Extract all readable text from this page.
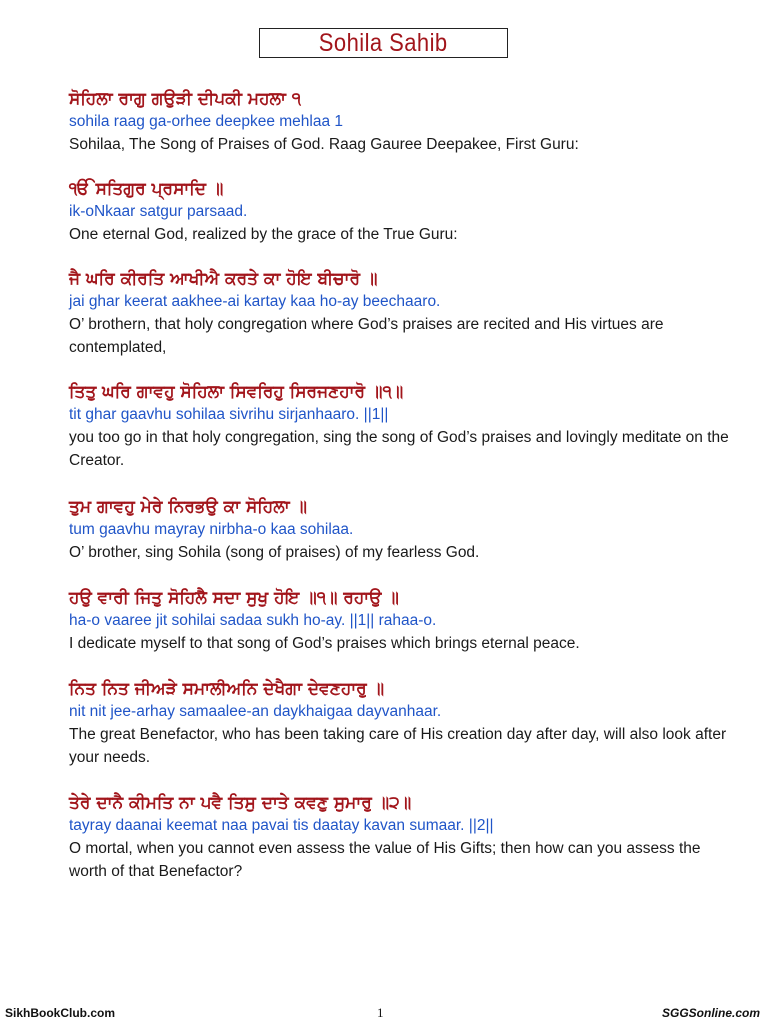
Sohila Sahib
ਸੋਹਿਲਾ ਰਾਗੁ ਗਉੜੀ ਦੀਪਕੀ ਮਹਲਾ ੧
sohila raag ga-orhee deepkee mehlaa 1
Sohilaa, The Song of Praises of God. Raag Gauree Deepakee, First Guru:
ੴ ਸਤਿਗੁਰ ਪ੍ਰਸਾਦਿ ॥
ik-oNkaar satgur parsaad.
One eternal God, realized by the grace of the True Guru:
ਜੈ ਘਰਿ ਕੀਰਤਿ ਆਖੀਐ ਕਰਤੇ ਕਾ ਹੋਇ ਬੀਚਾਰੋ ॥
jai ghar keerat aakhee-ai kartay kaa ho-ay beechaaro.
O’ brothern, that holy congregation where God’s praises are recited and His virtues are contemplated,
ਤਿਤੁ ਘਰਿ ਗਾਵਹੁ ਸੋਹਿਲਾ ਸਿਵਰਿਹੁ ਸਿਰਜਣਹਾਰੋ ॥੧॥
tit ghar gaavhu sohilaa sivrihu sirjanhaaro. ||1||
you too go in that holy congregation, sing the song of God’s praises and lovingly meditate on the Creator.
ਤੁਮ ਗਾਵਹੁ ਮੇਰੇ ਨਿਰਭਉ ਕਾ ਸੋਹਿਲਾ ॥
tum gaavhu mayray nirbha-o kaa sohilaa.
O’ brother, sing Sohila (song of praises) of my fearless God.
ਹਉ ਵਾਰੀ ਜਿਤੁ ਸੋਹਿਲੈ ਸਦਾ ਸੁਖੁ ਹੋਇ ॥੧॥ ਰਹਾਉ ॥
ha-o vaaree jit sohilai sadaa sukh ho-ay. ||1|| rahaa-o.
I dedicate myself to that song of God’s praises which brings eternal peace.
ਨਿਤ ਨਿਤ ਜੀਅੜੇ ਸਮਾਲੀਅਨਿ ਦੇਖੈਗਾ ਦੇਵਣਹਾਰੁ ॥
nit nit jee-arhay samaalee-an daykhaigaa dayvanhaar.
The great Benefactor, who has been taking care of His creation day after day, will also look after your needs.
ਤੇਰੇ ਦਾਨੈ ਕੀਮਤਿ ਨਾ ਪਵੈ ਤਿਸੁ ਦਾਤੇ ਕਵਣੁ ਸੁਮਾਰੁ ॥੨॥
tayray daanai keemat naa pavai tis daatay kavan sumaar. ||2||
O mortal, when you cannot even assess the value of His Gifts; then how can you assess the worth of that Benefactor?
SikhBookClub.com	1	SGGSonline.com
